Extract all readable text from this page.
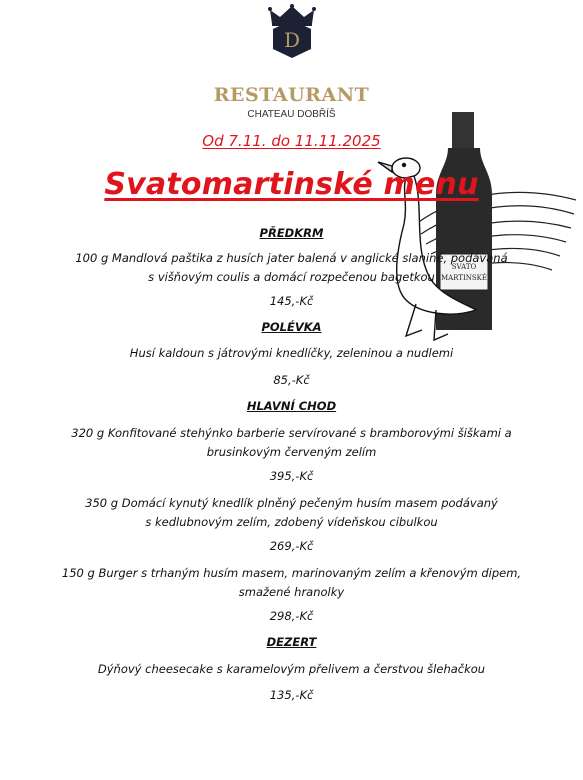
D
RESTAURANT
CHATEAU DOBŘÍŠ
SVATO
MARTINSKÉ
Od 7.11. do 11.11.2025
Svatomartinské menu
PŘEDKRM
100 g Mandlová paštika z husích jater balená v anglické slanině, podávaná
s višňovým coulis a domácí rozpečenou bagetkou
145,-Kč
POLÉVKA
Husí kaldoun s játrovými knedlíčky, zeleninou a nudlemi
85,-Kč
HLAVNÍ CHOD
320 g Konfitované stehýnko barberie servírované s bramborovými šiškami a
brusinkovým červeným zelím
395,-Kč
350 g Domácí kynutý knedlík plněný pečeným husím masem podávaný
s kedlubnovým zelím, zdobený vídeňskou cibulkou
269,-Kč
150 g Burger s trhaným husím masem, marinovaným zelím a křenovým dipem,
smažené hranolky
298,-Kč
DEZERT
Dýňový cheesecake s karamelovým přelivem a čerstvou šlehačkou
135,-Kč
